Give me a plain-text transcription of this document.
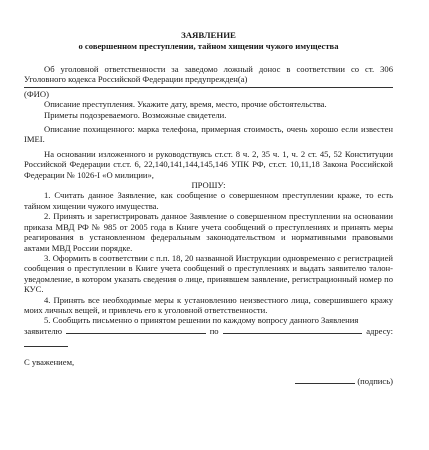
ЗАЯВЛЕНИЕ
о совершенном преступлении, тайном хищении чужого имущества

Об уголовной ответственности за заведомо ложный донос в соответствии со ст. 306 Уголовного кодекса Российской Федерации предупрежден(а)

(ФИО)

Описание преступления. Укажите дату, время, место, прочие обстоятельства.

Приметы подозреваемого. Возможные свидетели.

Описание похищенного: марка телефона, примерная стоимость, очень хорошо если известен IMEI.

На основании изложенного и руководствуясь ст.ст. 8 ч. 2, 35 ч. 1, ч. 2 ст. 45, 52 Конституции Российской Федерации ст.ст. 6, 22,140,141,144,145,146 УПК РФ, ст.ст. 10,11,18 Закона Российской Федерации № 1026-I «О милиции»,

ПРОШУ:

1. Считать данное Заявление, как сообщение о совершенном преступлении краже, то есть тайном хищении чужого имущества.

2. Принять и зарегистрировать данное Заявление о совершенном преступлении на основании приказа МВД РФ № 985 от 2005 года в Книге учета сообщений о преступлениях и принять меры реагирования в установленном федеральным законодательством и нормативными правовыми актами МВД России порядке.

3. Оформить в соответствии с п.п. 18, 20 названной Инструкции одновременно с регистрацией сообщения о преступлении в Книге учета сообщений о преступлениях и выдать заявителю талон-уведомление, в котором указать сведения о лице, принявшем заявление, регистрационный номер по КУС.

4. Принять все необходимые меры к установлению неизвестного лица, совершившего кражу моих личных вещей, и привлечь его к уголовной ответственности.

5. Сообщить письменно о принятом решении по каждому вопросу данного Заявления

заявителю	по	адресу:
С уважением,
(подпись)
